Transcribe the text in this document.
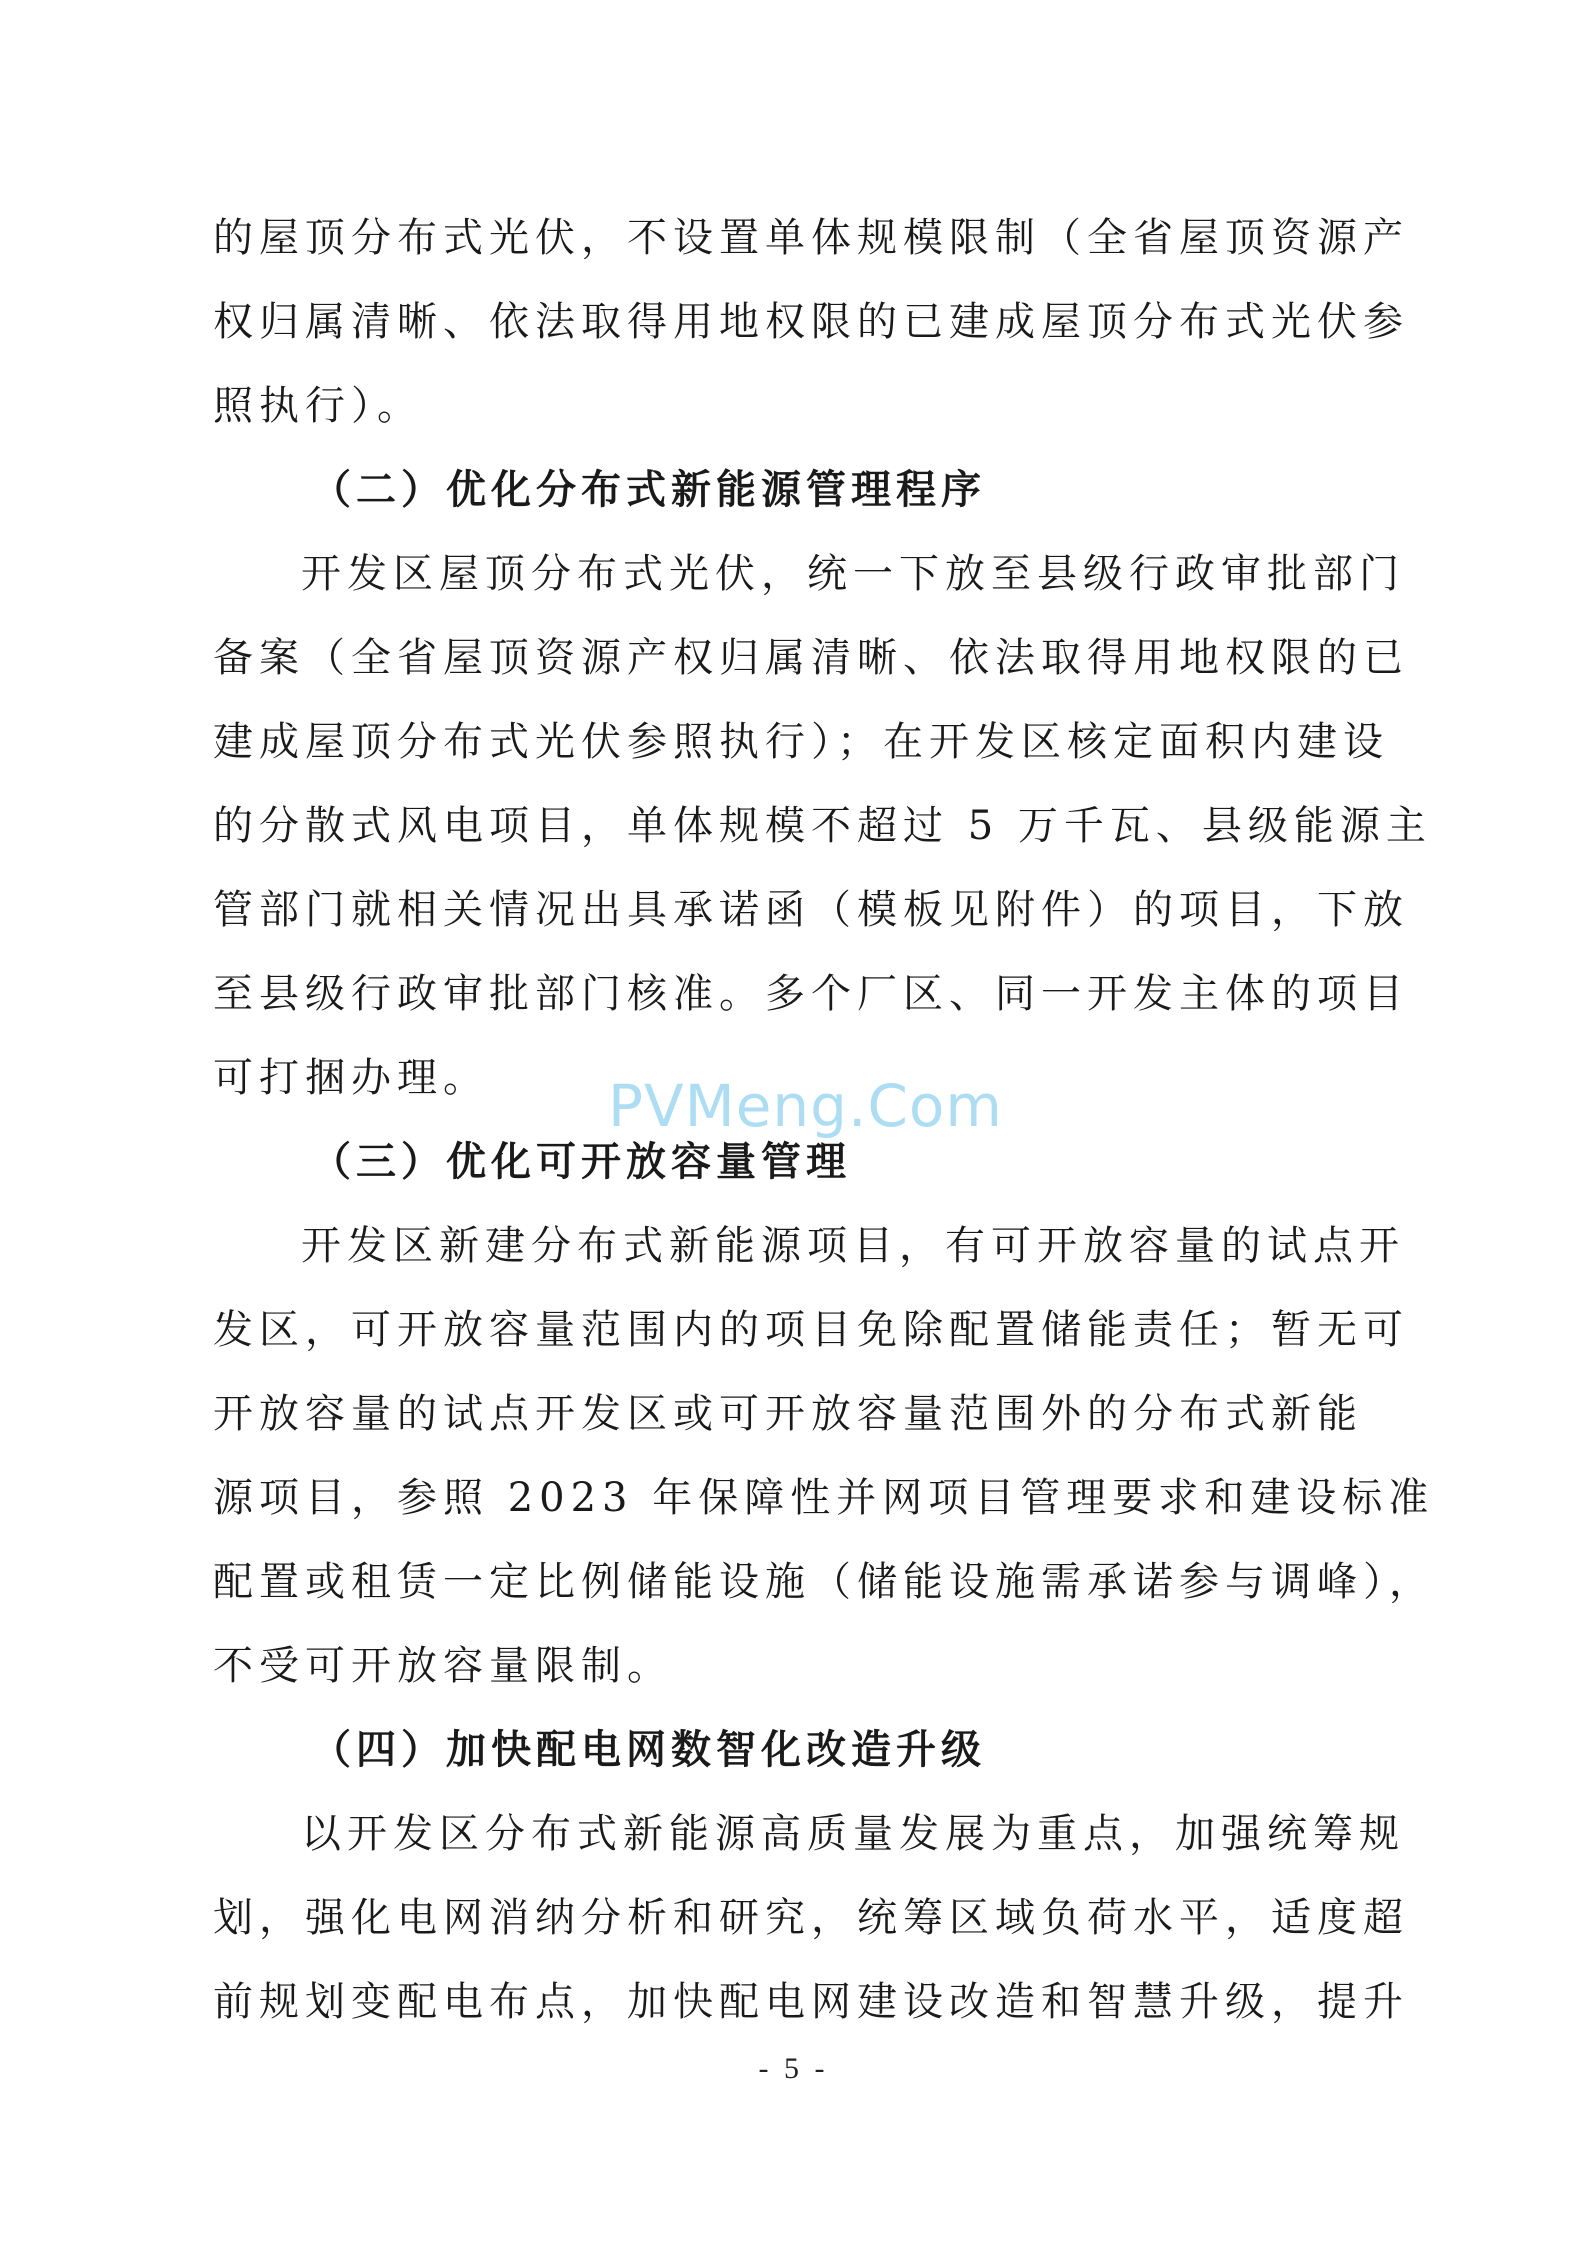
的屋顶分布式光伏，不设置单体规模限制（全省屋顶资源产
权归属清晰、依法取得用地权限的已建成屋顶分布式光伏参
照执行）。
（二）优化分布式新能源管理程序
开发区屋顶分布式光伏，统一下放至县级行政审批部门
备案（全省屋顶资源产权归属清晰、依法取得用地权限的已
建成屋顶分布式光伏参照执行）；在开发区核定面积内建设
的分散式风电项目，单体规模不超过 5 万千瓦、县级能源主
管部门就相关情况出具承诺函（模板见附件）的项目，下放
至县级行政审批部门核准。多个厂区、同一开发主体的项目
可打捆办理。
（三）优化可开放容量管理
开发区新建分布式新能源项目，有可开放容量的试点开
发区，可开放容量范围内的项目免除配置储能责任；暂无可
开放容量的试点开发区或可开放容量范围外的分布式新能
源项目，参照 2023 年保障性并网项目管理要求和建设标准
配置或租赁一定比例储能设施（储能设施需承诺参与调峰），
不受可开放容量限制。
（四）加快配电网数智化改造升级
以开发区分布式新能源高质量发展为重点，加强统筹规
划，强化电网消纳分析和研究，统筹区域负荷水平，适度超
前规划变配电布点，加快配电网建设改造和智慧升级，提升
PVMeng.Com
- 5 -
